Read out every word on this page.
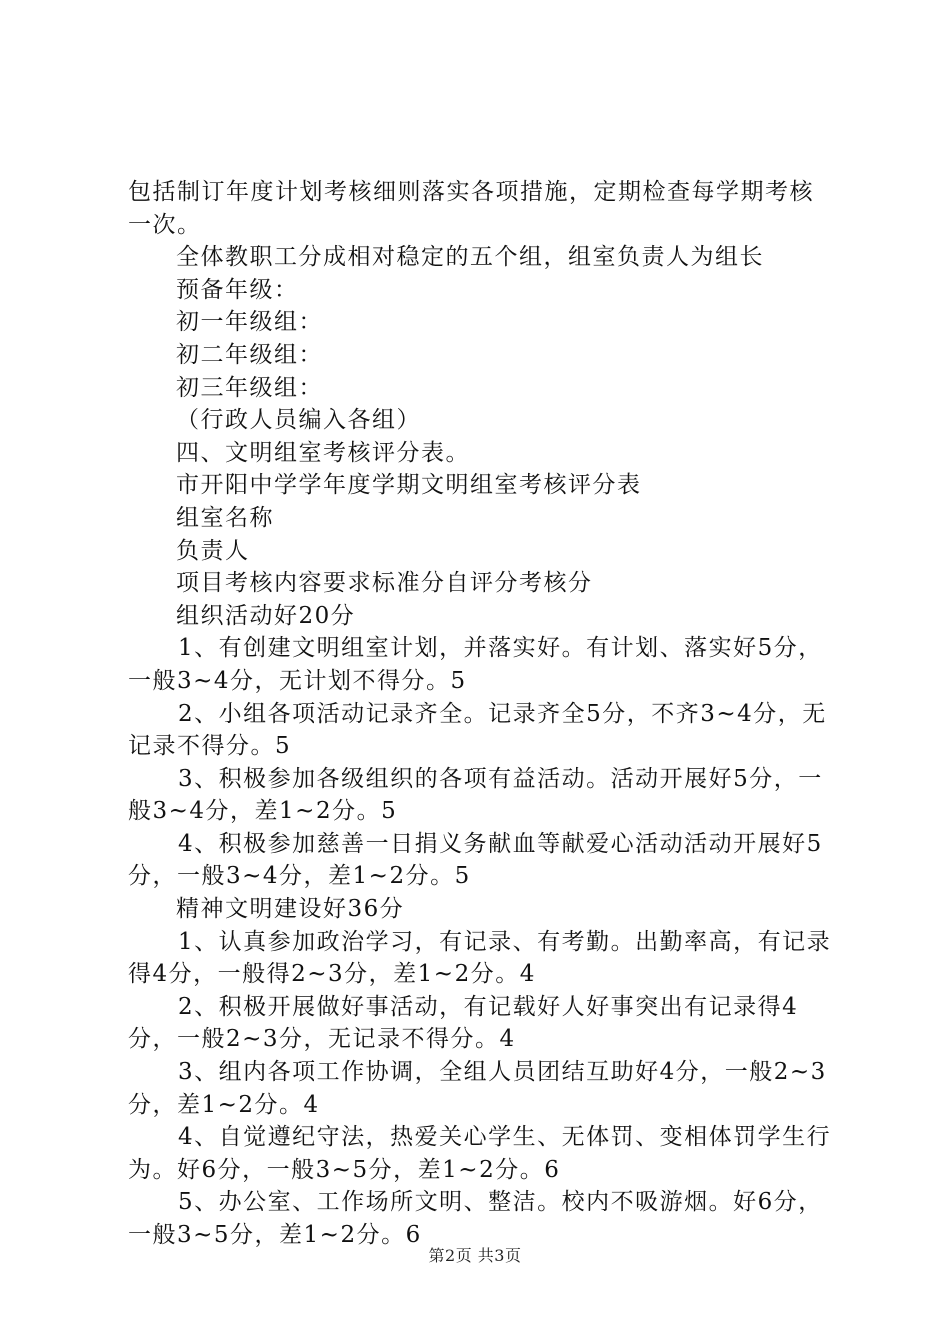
包括制订年度计划考核细则落实各项措施，定期检查每学期考核一次。

全体教职工分成相对稳定的五个组，组室负责人为组长

预备年级：

初一年级组：

初二年级组：

初三年级组：

（行政人员编入各组）

四、文明组室考核评分表。

市开阳中学学年度学期文明组室考核评分表

组室名称

负责人

项目考核内容要求标准分自评分考核分

组织活动好20分

1、有创建文明组室计划，并落实好。有计划、落实好5分，一般3~4分，无计划不得分。5

2、小组各项活动记录齐全。记录齐全5分，不齐3~4分，无记录不得分。5

3、积极参加各级组织的各项有益活动。活动开展好5分，一般3~4分，差1~2分。5

4、积极参加慈善一日捐义务献血等献爱心活动活动开展好5分，一般3~4分，差1~2分。5

精神文明建设好36分

1、认真参加政治学习，有记录、有考勤。出勤率高，有记录得4分，一般得2~3分，差1~2分。4

2、积极开展做好事活动，有记载好人好事突出有记录得4分，一般2~3分，无记录不得分。4

3、组内各项工作协调，全组人员团结互助好4分，一般2~3分，差1~2分。4

4、自觉遵纪守法，热爱关心学生、无体罚、变相体罚学生行为。好6分，一般3~5分，差1~2分。6

5、办公室、工作场所文明、整洁。校内不吸游烟。好6分，一般3~5分，差1~2分。6

第2页 共3页
